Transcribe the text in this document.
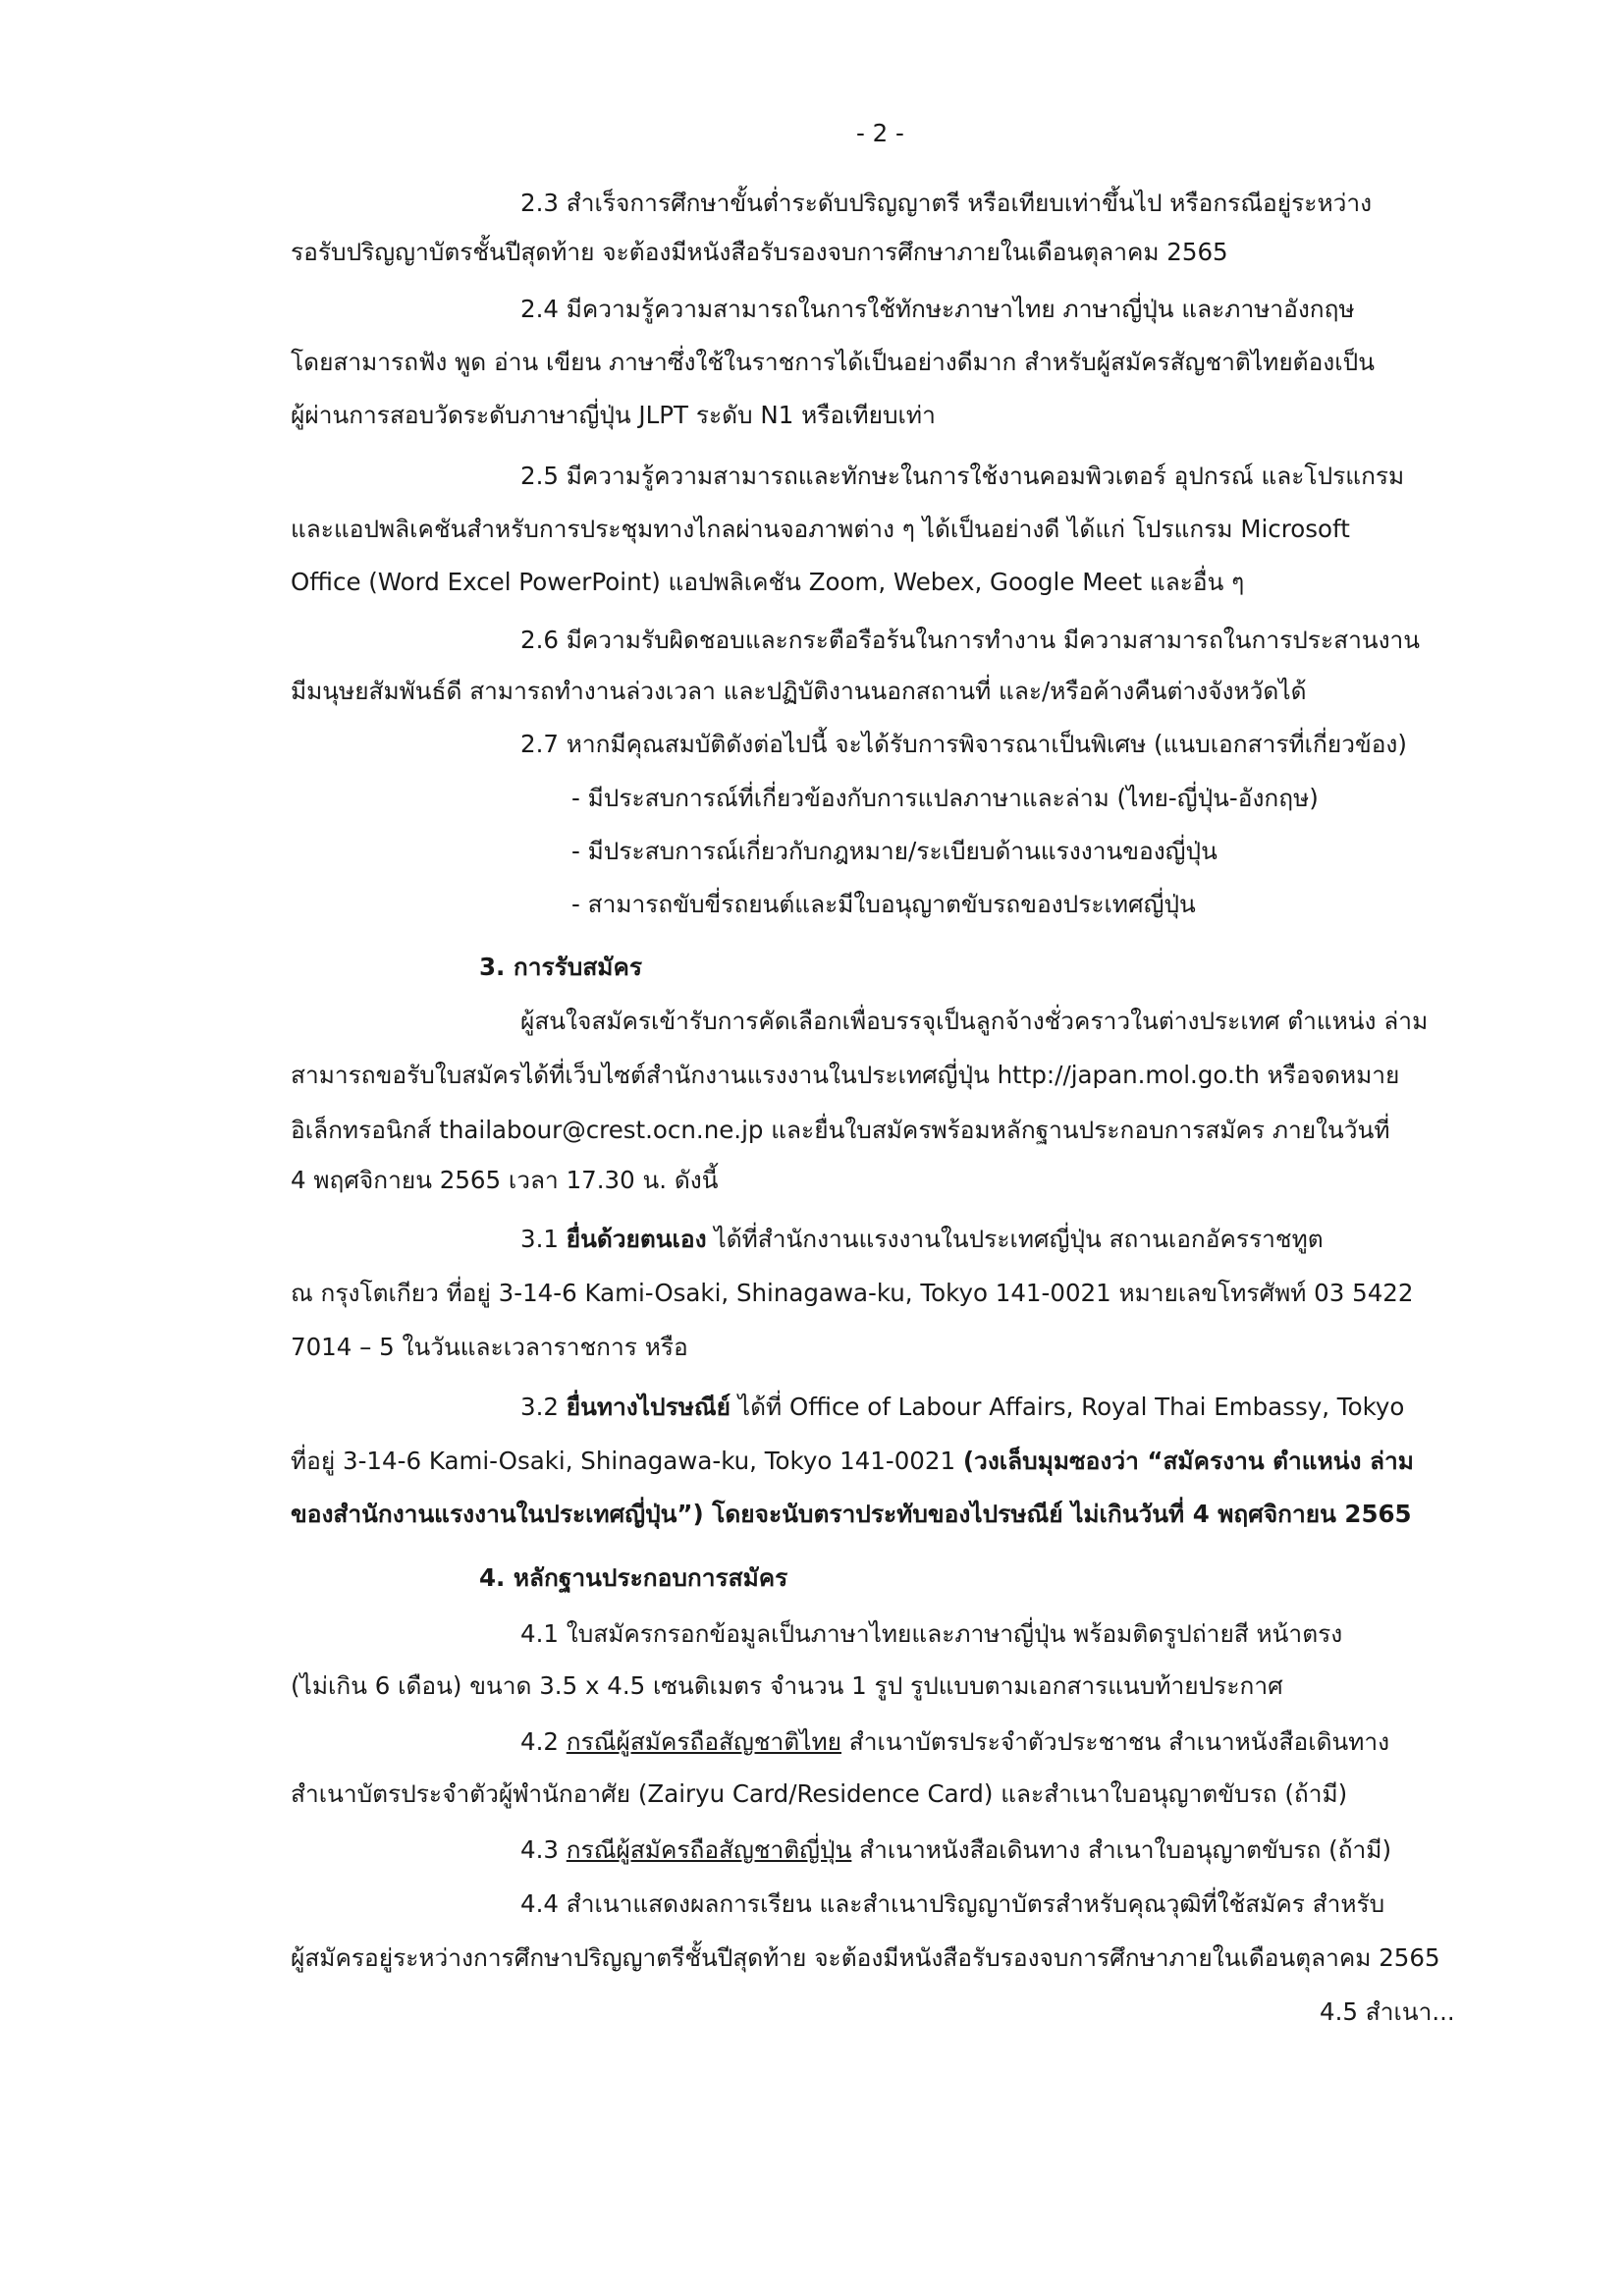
- 2 -
2.3 สำเร็จการศึกษาขั้นต่ำระดับปริญญาตรี หรือเทียบเท่าขึ้นไป หรือกรณีอยู่ระหว่าง
รอรับปริญญาบัตรชั้นปีสุดท้าย จะต้องมีหนังสือรับรองจบการศึกษาภายในเดือนตุลาคม 2565
2.4 มีความรู้ความสามารถในการใช้ทักษะภาษาไทย ภาษาญี่ปุ่น และภาษาอังกฤษ
โดยสามารถฟัง พูด อ่าน เขียน ภาษาซึ่งใช้ในราชการได้เป็นอย่างดีมาก สำหรับผู้สมัครสัญชาติไทยต้องเป็น
ผู้ผ่านการสอบวัดระดับภาษาญี่ปุ่น JLPT ระดับ N1 หรือเทียบเท่า
2.5 มีความรู้ความสามารถและทักษะในการใช้งานคอมพิวเตอร์ อุปกรณ์ และโปรแกรม
และแอปพลิเคชันสำหรับการประชุมทางไกลผ่านจอภาพต่าง ๆ ได้เป็นอย่างดี ได้แก่ โปรแกรม Microsoft
Office (Word Excel PowerPoint) แอปพลิเคชัน Zoom, Webex, Google Meet และอื่น ๆ
2.6 มีความรับผิดชอบและกระตือรือร้นในการทำงาน มีความสามารถในการประสานงาน
มีมนุษยสัมพันธ์ดี สามารถทำงานล่วงเวลา และปฏิบัติงานนอกสถานที่ และ/หรือค้างคืนต่างจังหวัดได้
2.7 หากมีคุณสมบัติดังต่อไปนี้ จะได้รับการพิจารณาเป็นพิเศษ (แนบเอกสารที่เกี่ยวข้อง)
- มีประสบการณ์ที่เกี่ยวข้องกับการแปลภาษาและล่าม (ไทย-ญี่ปุ่น-อังกฤษ)
- มีประสบการณ์เกี่ยวกับกฎหมาย/ระเบียบด้านแรงงานของญี่ปุ่น
- สามารถขับขี่รถยนต์และมีใบอนุญาตขับรถของประเทศญี่ปุ่น
3. การรับสมัคร
ผู้สนใจสมัครเข้ารับการคัดเลือกเพื่อบรรจุเป็นลูกจ้างชั่วคราวในต่างประเทศ ตำแหน่ง ล่าม
สามารถขอรับใบสมัครได้ที่เว็บไซต์สำนักงานแรงงานในประเทศญี่ปุ่น http://japan.mol.go.th หรือจดหมาย
อิเล็กทรอนิกส์ thailabour@crest.ocn.ne.jp และยื่นใบสมัครพร้อมหลักฐานประกอบการสมัคร ภายในวันที่
4 พฤศจิกายน 2565 เวลา 17.30 น. ดังนี้
3.1 ยื่นด้วยตนเอง ได้ที่สำนักงานแรงงานในประเทศญี่ปุ่น สถานเอกอัครราชทูต
ณ กรุงโตเกียว ที่อยู่ 3-14-6 Kami-Osaki, Shinagawa-ku, Tokyo 141-0021 หมายเลขโทรศัพท์ 03 5422
7014 – 5 ในวันและเวลาราชการ หรือ
3.2 ยื่นทางไปรษณีย์ ได้ที่ Office of Labour Affairs, Royal Thai Embassy, Tokyo
ที่อยู่ 3-14-6 Kami-Osaki, Shinagawa-ku, Tokyo 141-0021 (วงเล็บมุมซองว่า “สมัครงาน ตำแหน่ง ล่าม
ของสำนักงานแรงงานในประเทศญี่ปุ่น”) โดยจะนับตราประทับของไปรษณีย์ ไม่เกินวันที่ 4 พฤศจิกายน 2565
4. หลักฐานประกอบการสมัคร
4.1 ใบสมัครกรอกข้อมูลเป็นภาษาไทยและภาษาญี่ปุ่น พร้อมติดรูปถ่ายสี หน้าตรง
(ไม่เกิน 6 เดือน) ขนาด 3.5 x 4.5 เซนติเมตร จำนวน 1 รูป รูปแบบตามเอกสารแนบท้ายประกาศ
4.2 กรณีผู้สมัครถือสัญชาติไทย สำเนาบัตรประจำตัวประชาชน สำเนาหนังสือเดินทาง
สำเนาบัตรประจำตัวผู้พำนักอาศัย (Zairyu Card/Residence Card) และสำเนาใบอนุญาตขับรถ (ถ้ามี)
4.3 กรณีผู้สมัครถือสัญชาติญี่ปุ่น สำเนาหนังสือเดินทาง สำเนาใบอนุญาตขับรถ (ถ้ามี)
4.4 สำเนาแสดงผลการเรียน และสำเนาปริญญาบัตรสำหรับคุณวุฒิที่ใช้สมัคร สำหรับ
ผู้สมัครอยู่ระหว่างการศึกษาปริญญาตรีชั้นปีสุดท้าย จะต้องมีหนังสือรับรองจบการศึกษาภายในเดือนตุลาคม 2565
4.5 สำเนา...
